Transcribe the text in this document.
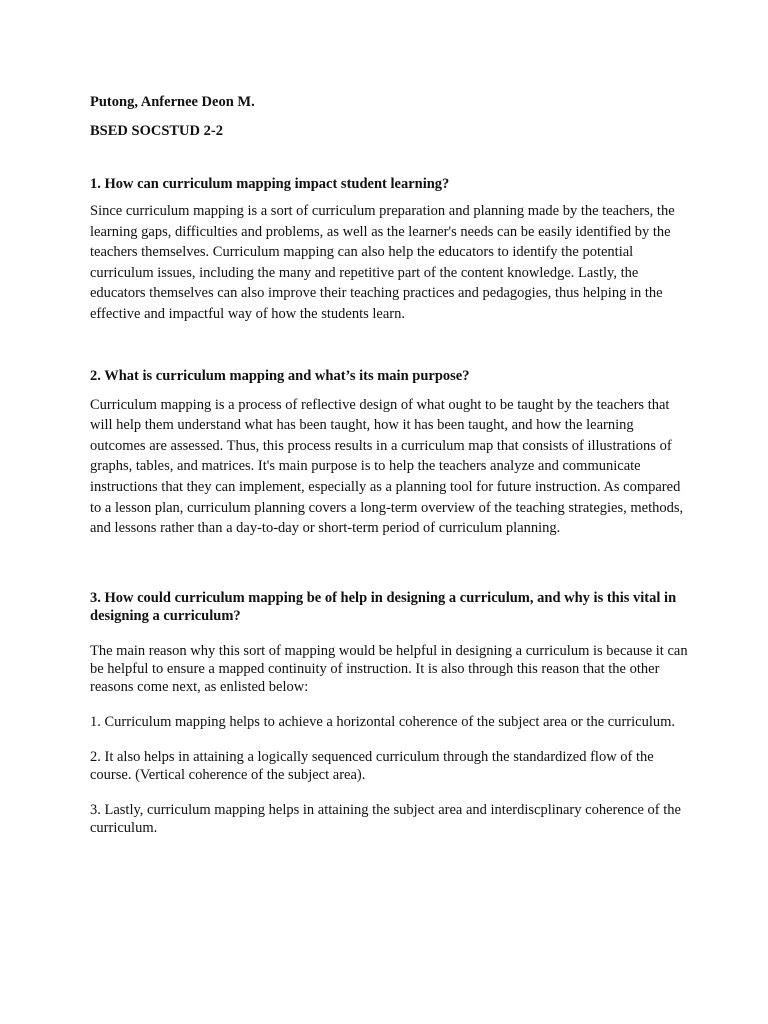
Putong, Anfernee Deon M.

BSED SOCSTUD 2-2

1. How can curriculum mapping impact student learning?

Since curriculum mapping is a sort of curriculum preparation and planning made by the teachers, the learning gaps, difficulties and problems, as well as the learner's needs can be easily identified by the teachers themselves. Curriculum mapping can also help the educators to identify the potential curriculum issues, including the many and repetitive part of the content knowledge. Lastly, the educators themselves can also improve their teaching practices and pedagogies, thus helping in the effective and impactful way of how the students learn.

2. What is curriculum mapping and what’s its main purpose?

Curriculum mapping is a process of reflective design of what ought to be taught by the teachers that will help them understand what has been taught, how it has been taught, and how the learning outcomes are assessed. Thus, this process results in a curriculum map that consists of illustrations of graphs, tables, and matrices. It's main purpose is to help the teachers analyze and communicate instructions that they can implement, especially as a planning tool for future instruction. As compared to a lesson plan, curriculum planning covers a long-term overview of the teaching strategies, methods, and lessons rather than a day-to-day or short-term period of curriculum planning.

3. How could curriculum mapping be of help in designing a curriculum, and why is this vital in designing a curriculum?

The main reason why this sort of mapping would be helpful in designing a curriculum is because it can be helpful to ensure a mapped continuity of instruction. It is also through this reason that the other reasons come next, as enlisted below:

1. Curriculum mapping helps to achieve a horizontal coherence of the subject area or the curriculum.

2. It also helps in attaining a logically sequenced curriculum through the standardized flow of the course. (Vertical coherence of the subject area).

3. Lastly, curriculum mapping helps in attaining the subject area and interdiscplinary coherence of the curriculum.
